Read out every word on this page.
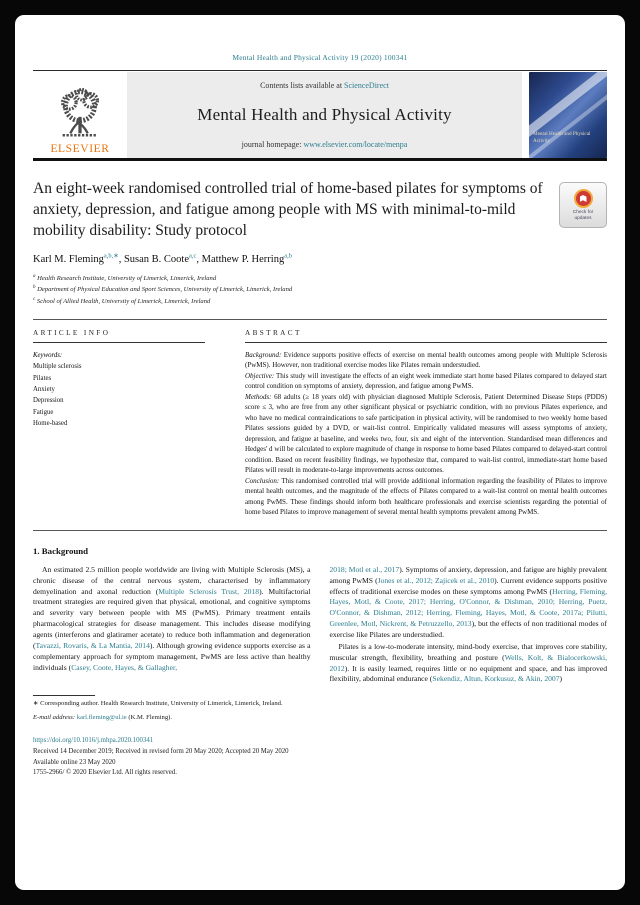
Mental Health and Physical Activity 19 (2020) 100341
ELSEVIER
Contents lists available at ScienceDirect
Mental Health and Physical Activity
journal homepage: www.elsevier.com/locate/menpa
Mental Health and Physical Activity
An eight-week randomised controlled trial of home-based pilates for symptoms of anxiety, depression, and fatigue among people with MS with minimal-to-mild mobility disability: Study protocol
Check for updates
Karl M. Fleming$^{a,b,∗}$, Susan B. Coote$^{a,c}$, Matthew P. Herring$^{a,b}$
$^a$ Health Research Institute, University of Limerick, Limerick, Ireland
$^b$ Department of Physical Education and Sport Sciences, University of Limerick, Limerick, Ireland
$^c$ School of Allied Health, University of Limerick, Limerick, Ireland
ARTICLE INFO
Keywords:
Multiple sclerosis
Pilates
Anxiety
Depression
Fatigue
Home-based
ABSTRACT
Background: Evidence supports positive effects of exercise on mental health outcomes among people with Multiple Sclerosis (PwMS). However, non traditional exercise modes like Pilates remain understudied.
Objective: This study will investigate the effects of an eight week immediate start home based Pilates compared to delayed start control condition on symptoms of anxiety, depression, and fatigue among PwMS.
Methods: 68 adults (≥ 18 years old) with physician diagnosed Multiple Sclerosis, Patient Determined Disease Steps (PDDS) score ≤ 3, who are free from any other significant physical or psychiatric condition, with no previous Pilates experience, and who have no medical contraindications to safe participation in physical activity, will be randomised to two weekly home based Pilates sessions guided by a DVD, or wait-list control. Empirically validated measures will assess symptoms of anxiety, depression, and fatigue at baseline, and weeks two, four, six and eight of the intervention. Standardised mean differences and Hedges' d will be calculated to explore magnitude of change in response to home based Pilates compared to delayed-start control condition. Based on recent feasibility findings, we hypothesize that, compared to wait-list control, immediate-start home based Pilates will result in moderate-to-large improvements across outcomes.
Conclusion: This randomised controlled trial will provide additional information regarding the feasibility of Pilates to improve mental health outcomes, and the magnitude of the effects of Pilates compared to a wait-list control on mental health outcomes among PwMS. These findings should inform both healthcare professionals and exercise scientists regarding the potential of home based Pilates to improve management of several mental health symptoms prevalent among PwMS.
1. Background

An estimated 2.5 million people worldwide are living with Multiple Sclerosis (MS), a chronic disease of the central nervous system, characterised by inflammatory demyelination and axonal reduction (Multiple Sclerosis Trust, 2018). Multifactorial treatment strategies are required given that physical, emotional, and cognitive symptoms and severity vary between people with MS (PwMS). Primary treatment entails pharmacological strategies for disease management. This includes disease modifying agents (interferons and glatiramer acetate) to reduce both inflammation and degeneration (Tavazzi, Rovaris, & La Mantia, 2014). Although growing evidence supports exercise as a complementary approach for symptom management, PwMS are less active than healthy individuals (Casey, Coote, Hayes, & Gallagher,

∗ Corresponding author. Health Research Institute, University of Limerick, Limerick, Ireland.
E-mail address: karl.fleming@ul.ie (K.M. Fleming).

2018; Motl et al., 2017). Symptoms of anxiety, depression, and fatigue are highly prevalent among PwMS (Jones et al., 2012; Zajicek et al., 2010). Current evidence supports positive effects of traditional exercise modes on these symptoms among PwMS (Herring, Fleming, Hayes, Motl, & Coote, 2017; Herring, O'Connor, & Dishman, 2010; Herring, Puetz, O'Connor, & Dishman, 2012; Herring, Fleming, Hayes, Motl, & Coote, 2017a; Pilutti, Greenlee, Motl, Nickrent, & Petruzzello, 2013), but the effects of non traditional modes of exercise like Pilates are understudied.

Pilates is a low-to-moderate intensity, mind-body exercise, that improves core stability, muscular strength, flexibility, breathing and posture (Wells, Kolt, & Bialocerkowski, 2012). It is easily learned, requires little or no equipment and space, and has improved flexibility, abdominal endurance (Sekendiz, Altun, Korkusuz, & Akin, 2007)

https://doi.org/10.1016/j.mhpa.2020.100341
Received 14 December 2019; Received in revised form 20 May 2020; Accepted 20 May 2020
Available online 23 May 2020
1755-2966/ © 2020 Elsevier Ltd. All rights reserved.
